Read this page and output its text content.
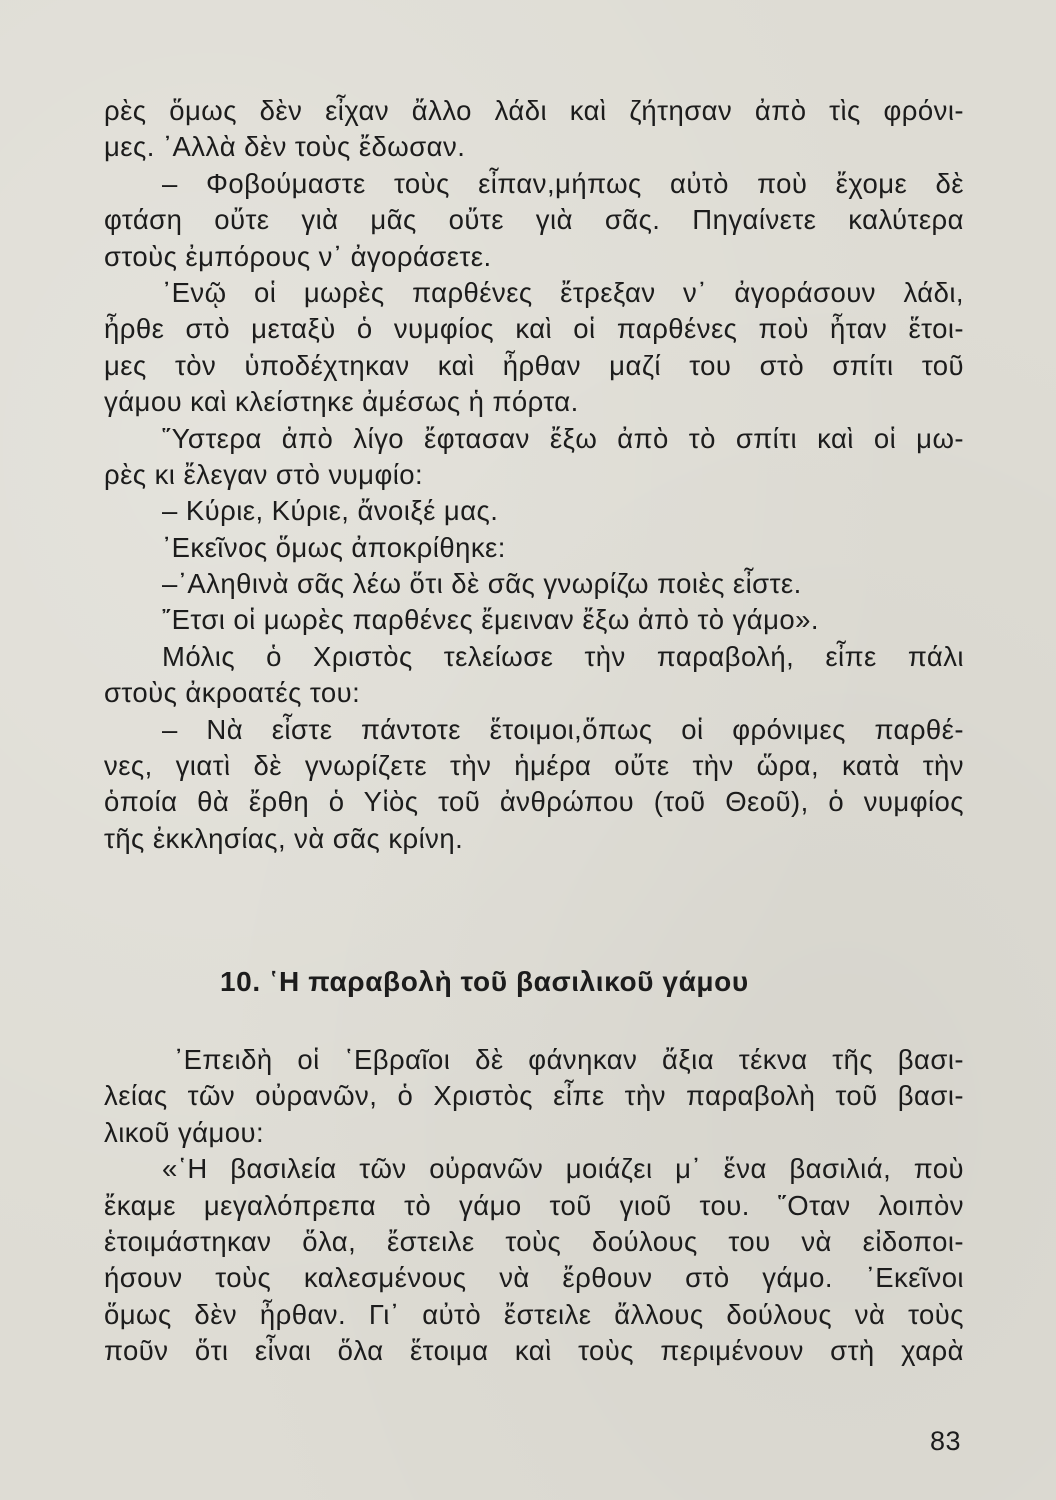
ρὲς ὅμως δὲν εἶχαν ἄλλο λάδι καὶ ζήτησαν ἀπὸ τὶς φρόνι-
μες. ᾽Αλλὰ δὲν τοὺς ἔδωσαν.
– Φοβούμαστε τοὺς εἶπαν,μήπως αὐτὸ ποὺ ἔχομε δὲ
φτάση οὔτε γιὰ μᾶς οὔτε γιὰ σᾶς. Πηγαίνετε καλύτερα
στοὺς ἐμπόρους ν᾽ ἀγοράσετε.
᾽Ενῷ οἱ μωρὲς παρθένες ἔτρεξαν ν᾽ ἀγοράσουν λάδι,
ἦρθε στὸ μεταξὺ ὁ νυμφίος καὶ οἱ παρθένες ποὺ ἦταν ἕτοι-
μες τὸν ὑποδέχτηκαν καὶ ἦρθαν μαζί του στὸ σπίτι τοῦ
γάμου καὶ κλείστηκε ἀμέσως ἡ πόρτα.
῞Υστερα ἀπὸ λίγο ἔφτασαν ἔξω ἀπὸ τὸ σπίτι καὶ οἱ μω-
ρὲς κι ἔλεγαν στὸ νυμφίο:
– Κύριε, Κύριε, ἄνοιξέ μας.
᾽Εκεῖνος ὅμως ἀποκρίθηκε:
–᾽Αληθινὰ σᾶς λέω ὅτι δὲ σᾶς γνωρίζω ποιὲς εἶστε.
῎Ετσι οἱ μωρὲς παρθένες ἔμειναν ἔξω ἀπὸ τὸ γάμο».
Μόλις ὁ Χριστὸς τελείωσε τὴν παραβολή, εἶπε πάλι
στοὺς ἀκροατές του:
– Νὰ εἶστε πάντοτε ἕτοιμοι,ὅπως οἱ φρόνιμες παρθέ-
νες, γιατὶ δὲ γνωρίζετε τὴν ἡμέρα οὔτε τὴν ὥρα, κατὰ τὴν
ὁποία θὰ ἔρθη ὁ Υἱὸς τοῦ ἀνθρώπου (τοῦ Θεοῦ), ὁ νυμφίος
τῆς ἐκκλησίας, νὰ σᾶς κρίνη.
10. ῾Η παραβολὴ τοῦ βασιλικοῦ γάμου
᾽Επειδὴ οἱ ῾Εβραῖοι δὲ φάνηκαν ἄξια τέκνα τῆς βασι-
λείας τῶν οὐρανῶν, ὁ Χριστὸς εἶπε τὴν παραβολὴ τοῦ βασι-
λικοῦ γάμου:
«῾Η βασιλεία τῶν οὐρανῶν μοιάζει μ᾽ ἕνα βασιλιά, ποὺ
ἔκαμε μεγαλόπρεπα τὸ γάμο τοῦ γιοῦ του. ῞Οταν λοιπὸν
ἑτοιμάστηκαν ὅλα, ἔστειλε τοὺς δούλους του νὰ εἰδοποι-
ήσουν τοὺς καλεσμένους νὰ ἔρθουν στὸ γάμο. ᾽Εκεῖνοι
ὅμως δὲν ἦρθαν. Γι᾽ αὐτὸ ἔστειλε ἄλλους δούλους νὰ τοὺς
ποῦν ὅτι εἶναι ὅλα ἕτοιμα καὶ τοὺς περιμένουν στὴ χαρὰ
83
